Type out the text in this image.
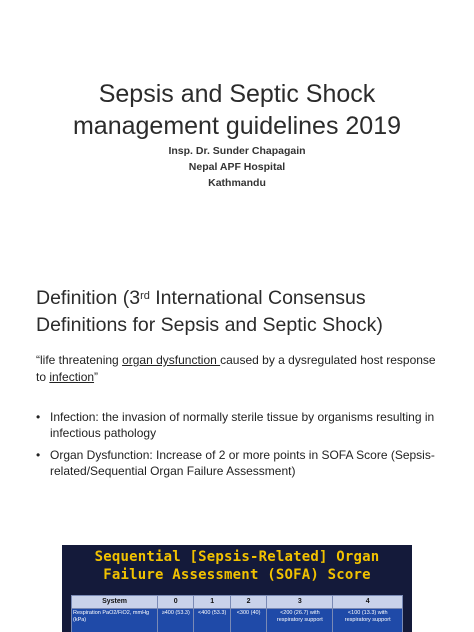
Sepsis and Septic Shock
management guidelines 2019
Insp. Dr. Sunder Chapagain
Nepal APF Hospital
Kathmandu
Definition (3rd International Consensus
Definitions for Sepsis and Septic Shock)

“life threatening organ dysfunction caused by a dysregulated host response to infection”

• Infection: the invasion of normally sterile tissue by organisms resulting in infectious pathology
• Organ Dysfunction: Increase of 2 or more points in SOFA Score (Sepsis-related/Sequential Organ Failure Assessment)
Sequential [Sepsis-Related] Organ
Failure Assessment (SOFA) Score
System	0	1	2	3	4
Respiration PaO2/FiO2, mmHg (kPa)	≥400 (53.3)	<400 (53.3)	<300 (40)	<200 (26.7) with respiratory support	<100 (13.3) with respiratory support
